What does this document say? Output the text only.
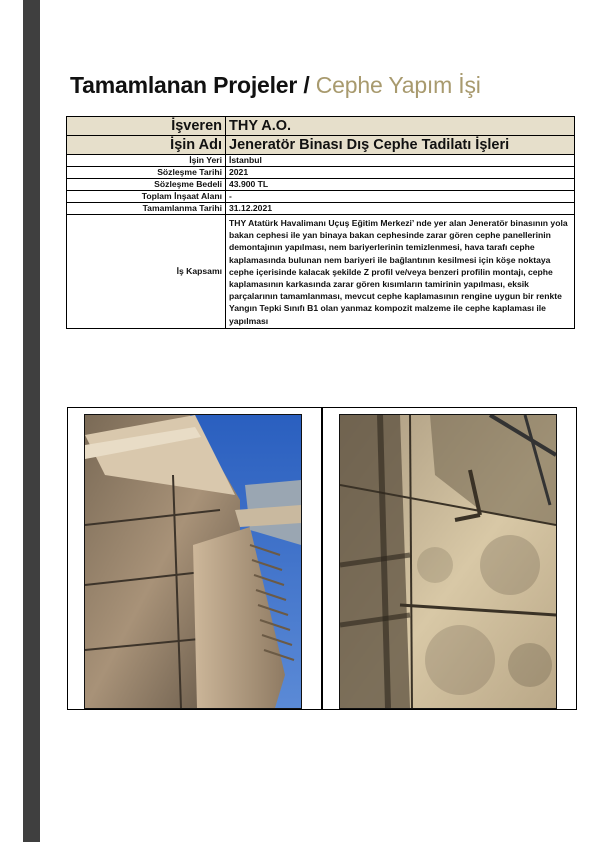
Tamamlanan Projeler / Cephe Yapım İşi
İşveren	THY A.O.
İşin Adı	Jeneratör Binası Dış Cephe Tadilatı İşleri
İşin Yeri	İstanbul
Sözleşme Tarihi	2021
Sözleşme Bedeli	43.900 TL
Toplam İnşaat Alanı	-
Tamamlanma Tarihi	31.12.2021
İş Kapsamı	THY Atatürk Havalimanı Uçuş Eğitim Merkezi’ nde yer alan Jeneratör binasının yola bakan cephesi ile yan binaya bakan cephesinde zarar gören cephe panellerinin demontajının yapılması, nem bariyerlerinin temizlenmesi, hava tarafı cephe kaplamasında bulunan nem bariyeri ile bağlantının kesilmesi için köşe noktaya cephe içerisinde kalacak şekilde Z profil ve/veya benzeri profilin montajı, cephe kaplamasının karkasında zarar gören kısımların tamirinin yapılması, eksik parçalarının tamamlanması, mevcut cephe kaplamasının rengine uygun bir renkte Yangın Tepki Sınıfı B1 olan yanmaz kompozit malzeme ile cephe kaplaması ile yapılması
